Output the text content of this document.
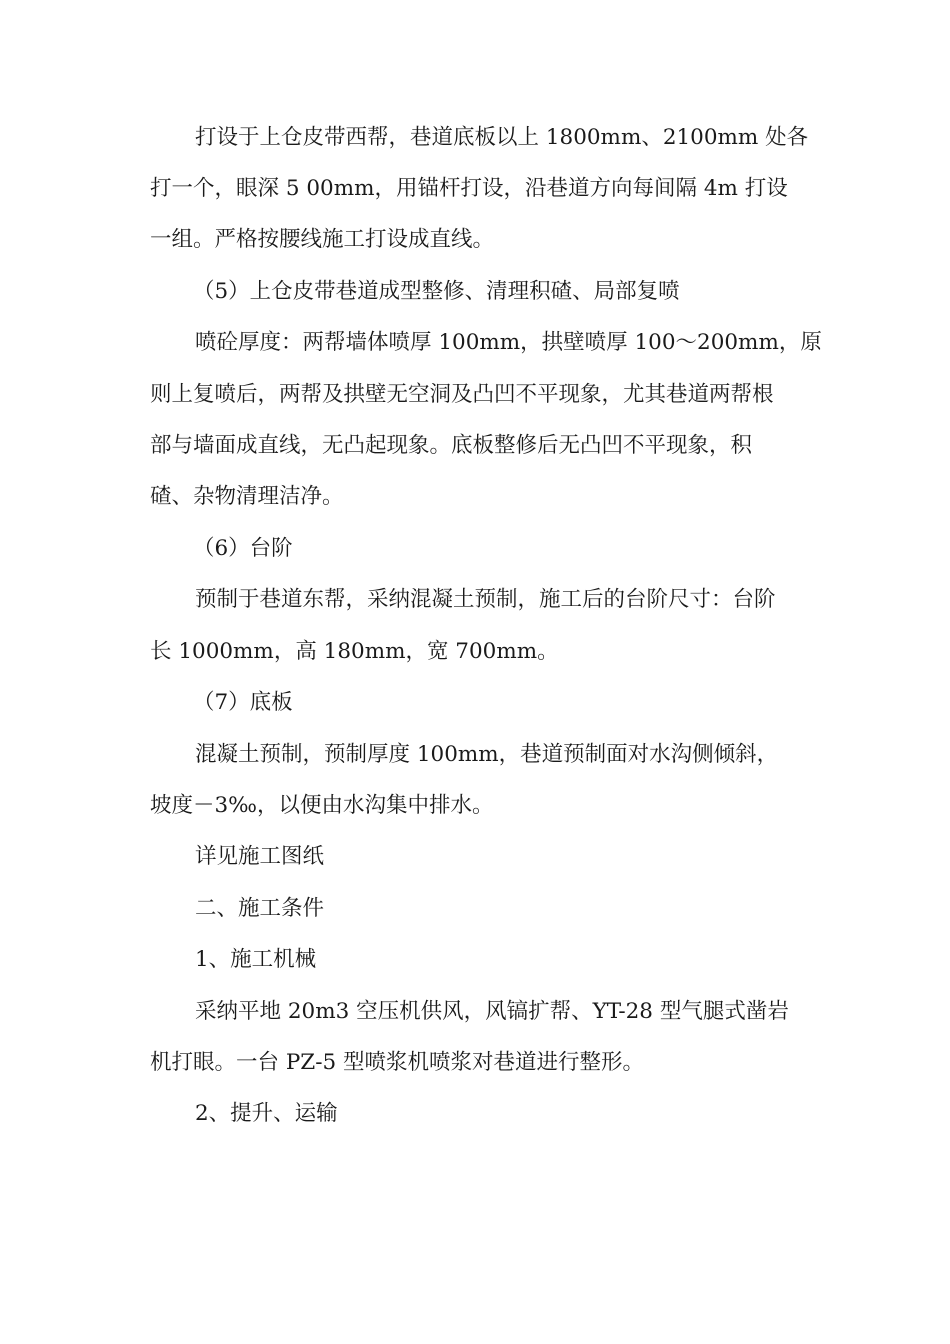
打设于上仓皮带西帮，巷道底板以上 1800mm、2100mm 处各
打一个，眼深 5 00mm，用锚杆打设，沿巷道方向每间隔 4m 打设
一组。严格按腰线施工打设成直线。
（5）上仓皮带巷道成型整修、清理积碴、局部复喷
喷砼厚度：两帮墙体喷厚 100mm，拱壁喷厚 100～200mm，原
则上复喷后，两帮及拱壁无空洞及凸凹不平现象，尤其巷道两帮根
部与墙面成直线，无凸起现象。底板整修后无凸凹不平现象，积
碴、杂物清理洁净。
（6）台阶
预制于巷道东帮，采纳混凝土预制，施工后的台阶尺寸：台阶
长 1000mm，高 180mm，宽 700mm。
（7）底板
混凝土预制，预制厚度 100mm，巷道预制面对水沟侧倾斜，
坡度－3‰，以便由水沟集中排水。
详见施工图纸
二、施工条件
1、施工机械
采纳平地 20m3 空压机供风，风镐扩帮、YT-28 型气腿式凿岩
机打眼。一台 PZ-5 型喷浆机喷浆对巷道进行整形。
2、提升、运输
